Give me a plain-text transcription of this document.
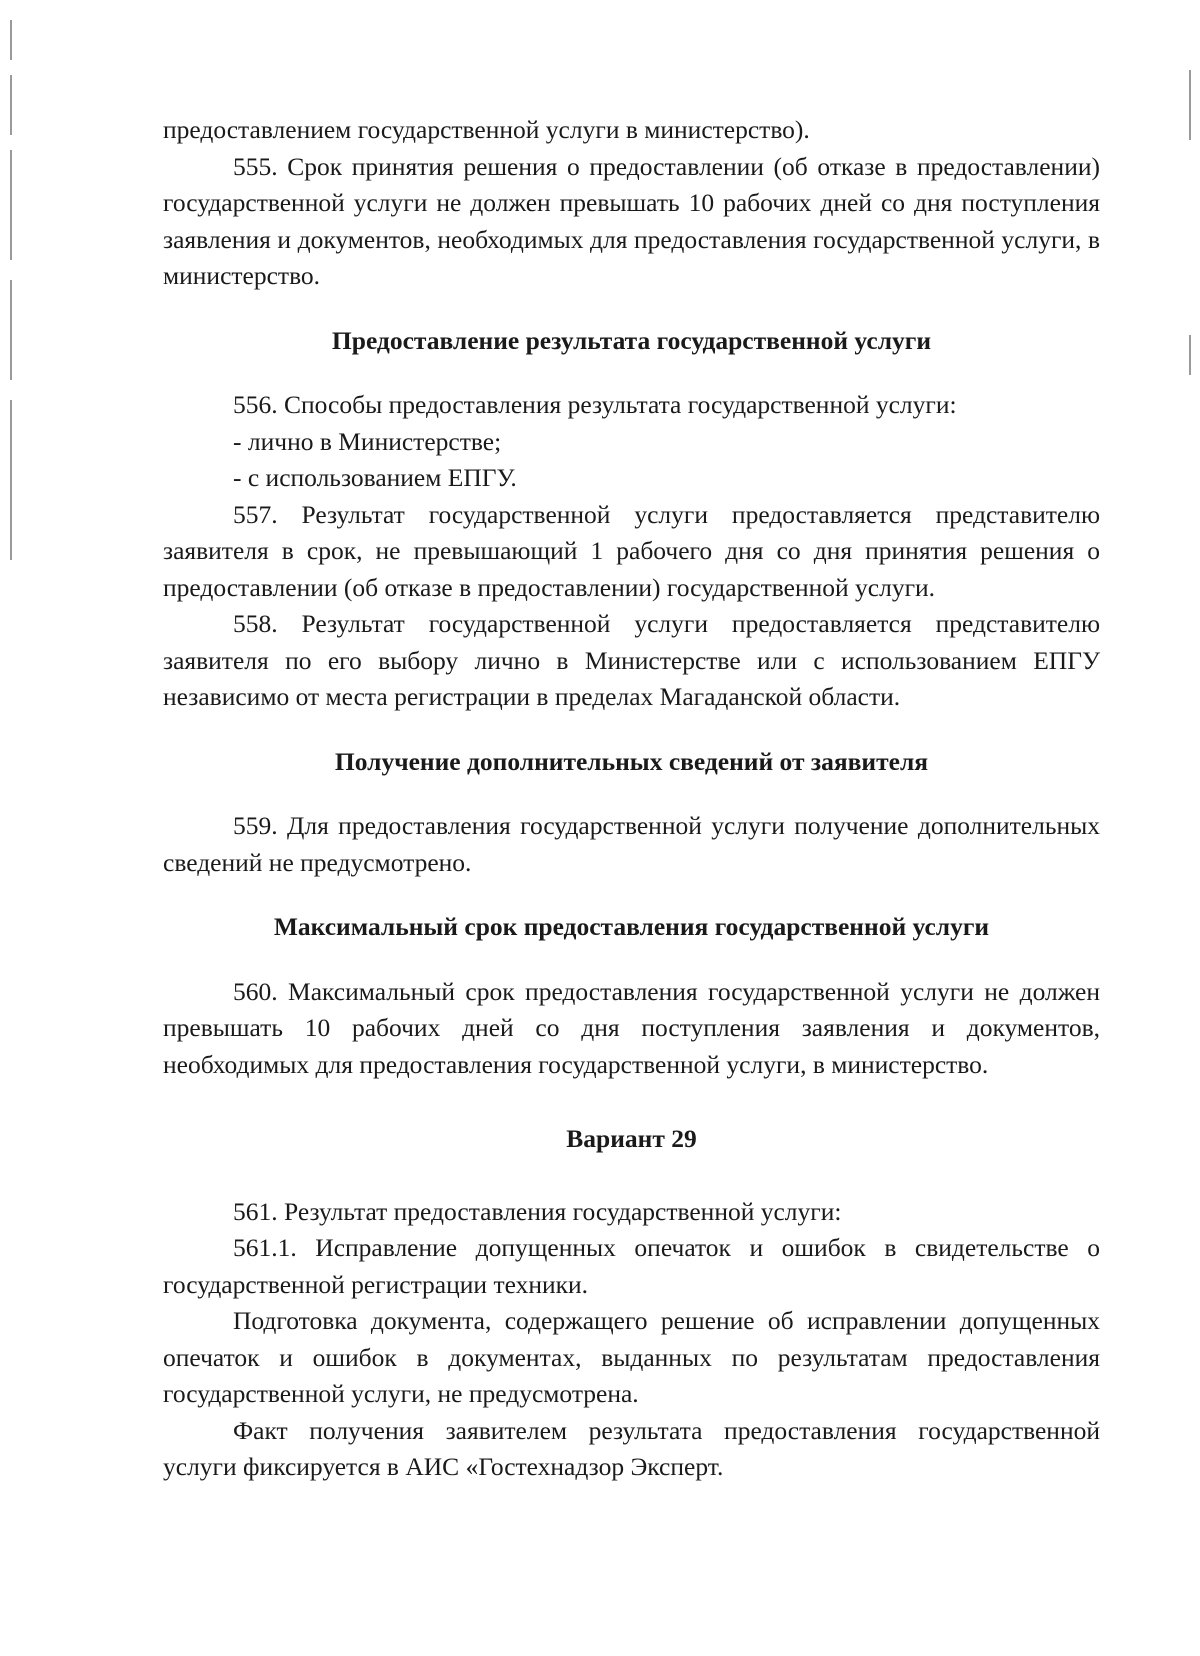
предоставлением государственной услуги в министерство).

555. Срок принятия решения о предоставлении (об отказе в предоставлении) государственной услуги не должен превышать 10 рабочих дней со дня поступления заявления и документов, необходимых для предоставления государственной услуги, в министерство.

Предоставление результата государственной услуги

556. Способы предоставления результата государственной услуги:

- лично в Министерстве;

- с использованием ЕПГУ.

557. Результат государственной услуги предоставляется представителю заявителя в срок, не превышающий 1 рабочего дня со дня принятия решения о предоставлении (об отказе в предоставлении) государственной услуги.

558. Результат государственной услуги предоставляется представителю заявителя по его выбору лично в Министерстве или с использованием ЕПГУ независимо от места регистрации в пределах Магаданской области.

Получение дополнительных сведений от заявителя

559. Для предоставления государственной услуги получение дополнительных сведений не предусмотрено.

Максимальный срок предоставления государственной услуги

560. Максимальный срок предоставления государственной услуги не должен превышать 10 рабочих дней со дня поступления заявления и документов, необходимых для предоставления государственной услуги, в министерство.

Вариант 29

561. Результат предоставления государственной услуги:

561.1. Исправление допущенных опечаток и ошибок в свидетельстве о государственной регистрации техники.

Подготовка документа, содержащего решение об исправлении допущенных опечаток и ошибок в документах, выданных по результатам предоставления государственной услуги, не предусмотрена.

Факт получения заявителем результата предоставления государственной услуги фиксируется в АИС «Гостехнадзор Эксперт.
